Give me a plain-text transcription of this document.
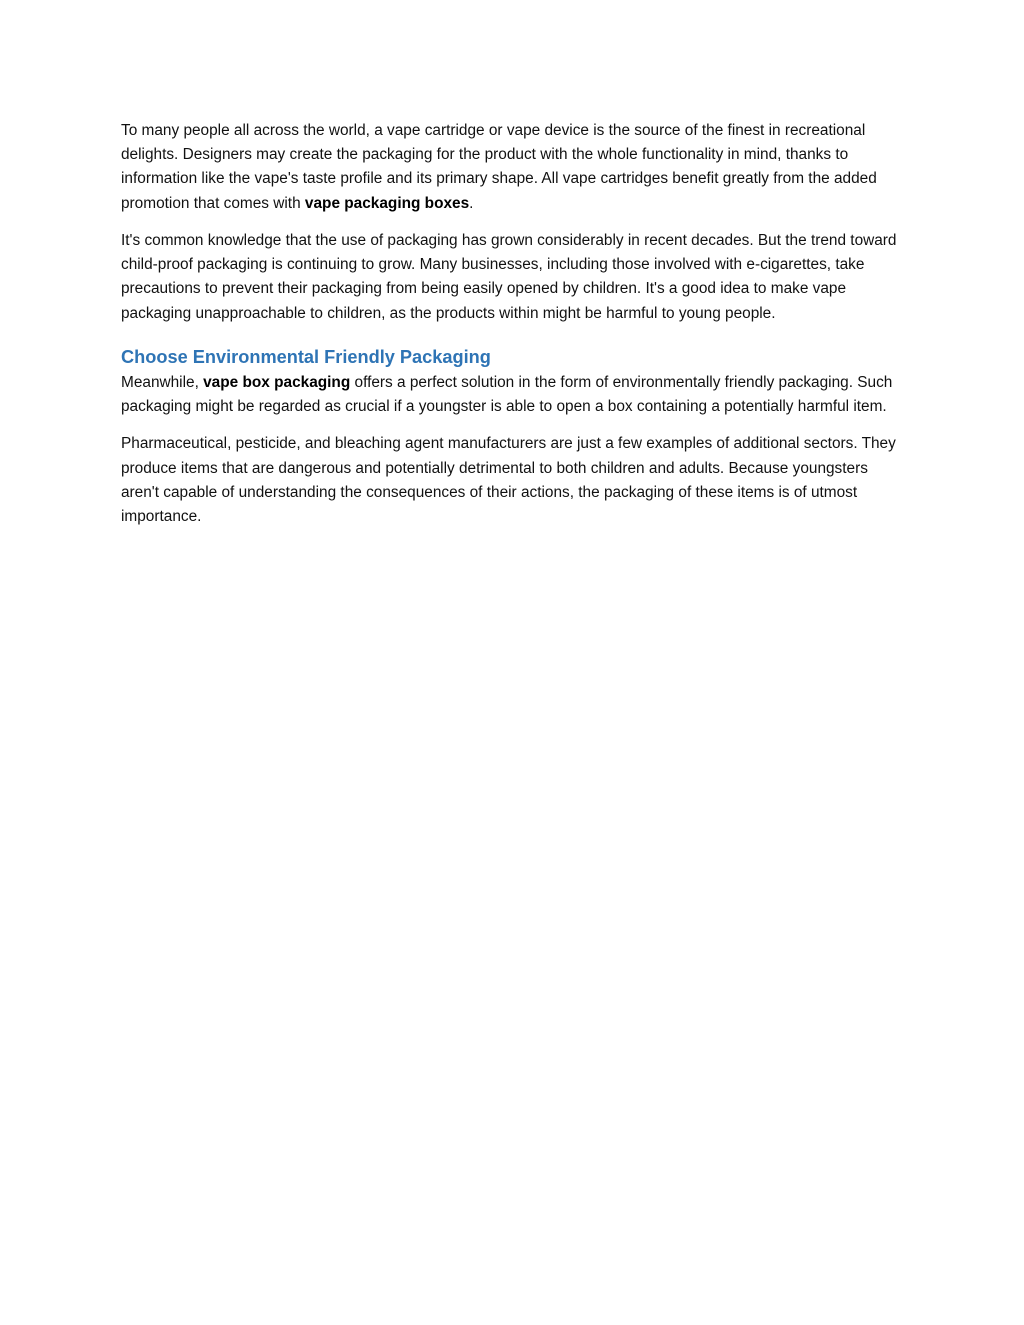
To many people all across the world, a vape cartridge or vape device is the source of the finest in recreational delights. Designers may create the packaging for the product with the whole functionality in mind, thanks to information like the vape's taste profile and its primary shape. All vape cartridges benefit greatly from the added promotion that comes with vape packaging boxes.

It's common knowledge that the use of packaging has grown considerably in recent decades. But the trend toward child-proof packaging is continuing to grow. Many businesses, including those involved with e-cigarettes, take precautions to prevent their packaging from being easily opened by children. It's a good idea to make vape packaging unapproachable to children, as the products within might be harmful to young people.

Choose Environmental Friendly Packaging

Meanwhile, vape box packaging offers a perfect solution in the form of environmentally friendly packaging. Such packaging might be regarded as crucial if a youngster is able to open a box containing a potentially harmful item.

Pharmaceutical, pesticide, and bleaching agent manufacturers are just a few examples of additional sectors. They produce items that are dangerous and potentially detrimental to both children and adults. Because youngsters aren't capable of understanding the consequences of their actions, the packaging of these items is of utmost importance.
